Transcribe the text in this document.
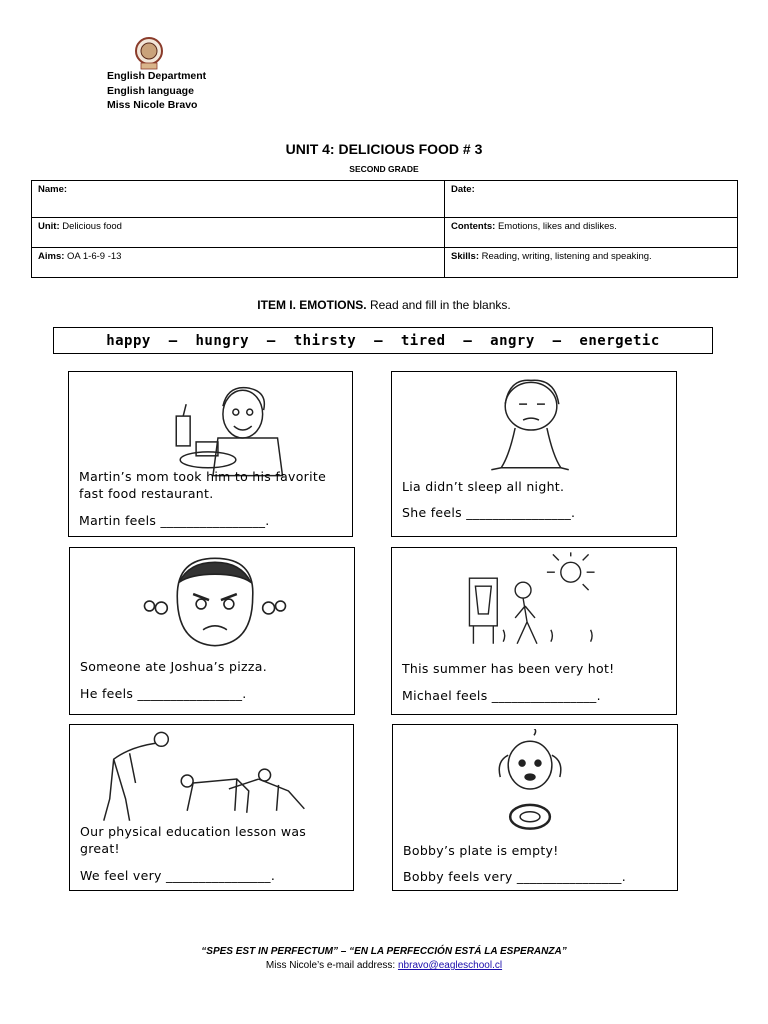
English Department
English language
Miss Nicole Bravo
UNIT 4: DELICIOUS FOOD # 3
SECOND GRADE
Name:	Date:
Unit: Delicious food	Contents: Emotions, likes and dislikes.
Aims: OA 1-6-9 -13	Skills: Reading, writing, listening and speaking.
ITEM I. EMOTIONS. Read and fill in the blanks.
happy  –  hungry  –  thirsty  –  tired  –  angry  –  energetic
Martin’s mom took him to his favorite fast food restaurant.
Martin feels ________________.
Lia didn’t sleep all night.
She feels ________________.
Someone ate Joshua’s pizza.
He feels ________________.
This summer has been very hot!
Michael feels ________________.
Our physical education lesson was great!
We feel very ________________.
Bobby’s plate is empty!
Bobby feels very ________________.
“SPES EST IN PERFECTUM” – “EN LA PERFECCIÓN ESTÁ LA ESPERANZA”
Miss Nicole’s e-mail address: nbravo@eagleschool.cl
